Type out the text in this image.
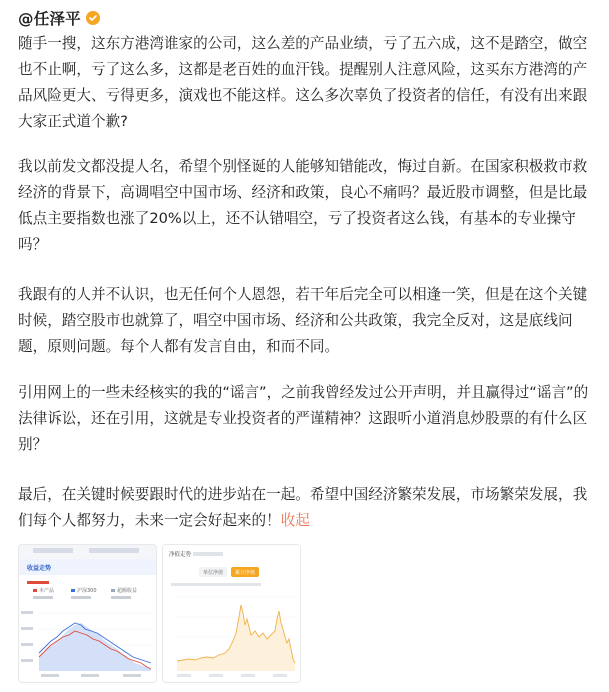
@任泽平

随手一搜，这东方港湾谁家的公司，这么差的产品业绩，亏了五六成，这不是踏空，做空也不止啊，亏了这么多，这都是老百姓的血汗钱。提醒别人注意风险，这买东方港湾的产品风险更大、亏得更多，演戏也不能这样。这么多次辜负了投资者的信任，有没有出来跟大家正式道个歉?

我以前发文都没提人名，希望个别怪诞的人能够知错能改，悔过自新。在国家积极救市救经济的背景下，高调唱空中国市场、经济和政策，良心不痛吗？最近股市调整，但是比最低点主要指数也涨了20%以上，还不认错唱空，亏了投资者这么钱，有基本的专业操守吗？

我跟有的人并不认识，也无任何个人恩怨，若干年后完全可以相逢一笑，但是在这个关键时候，踏空股市也就算了，唱空中国市场、经济和公共政策，我完全反对，这是底线问题，原则问题。每个人都有发言自由，和而不同。

引用网上的一些未经核实的我的“谣言”，之前我曾经发过公开声明，并且赢得过“谣言”的法律诉讼，还在引用，这就是专业投资者的严谨精神？这跟听小道消息炒股票的有什么区别？

最后，在关键时候要跟时代的进步站在一起。希望中国经济繁荣发展，市场繁荣发展，我们每个人都努力，未来一定会好起来的！收起

收益走势
本产品	沪深300	超额收益
净值走势
单位净值 累计净值
